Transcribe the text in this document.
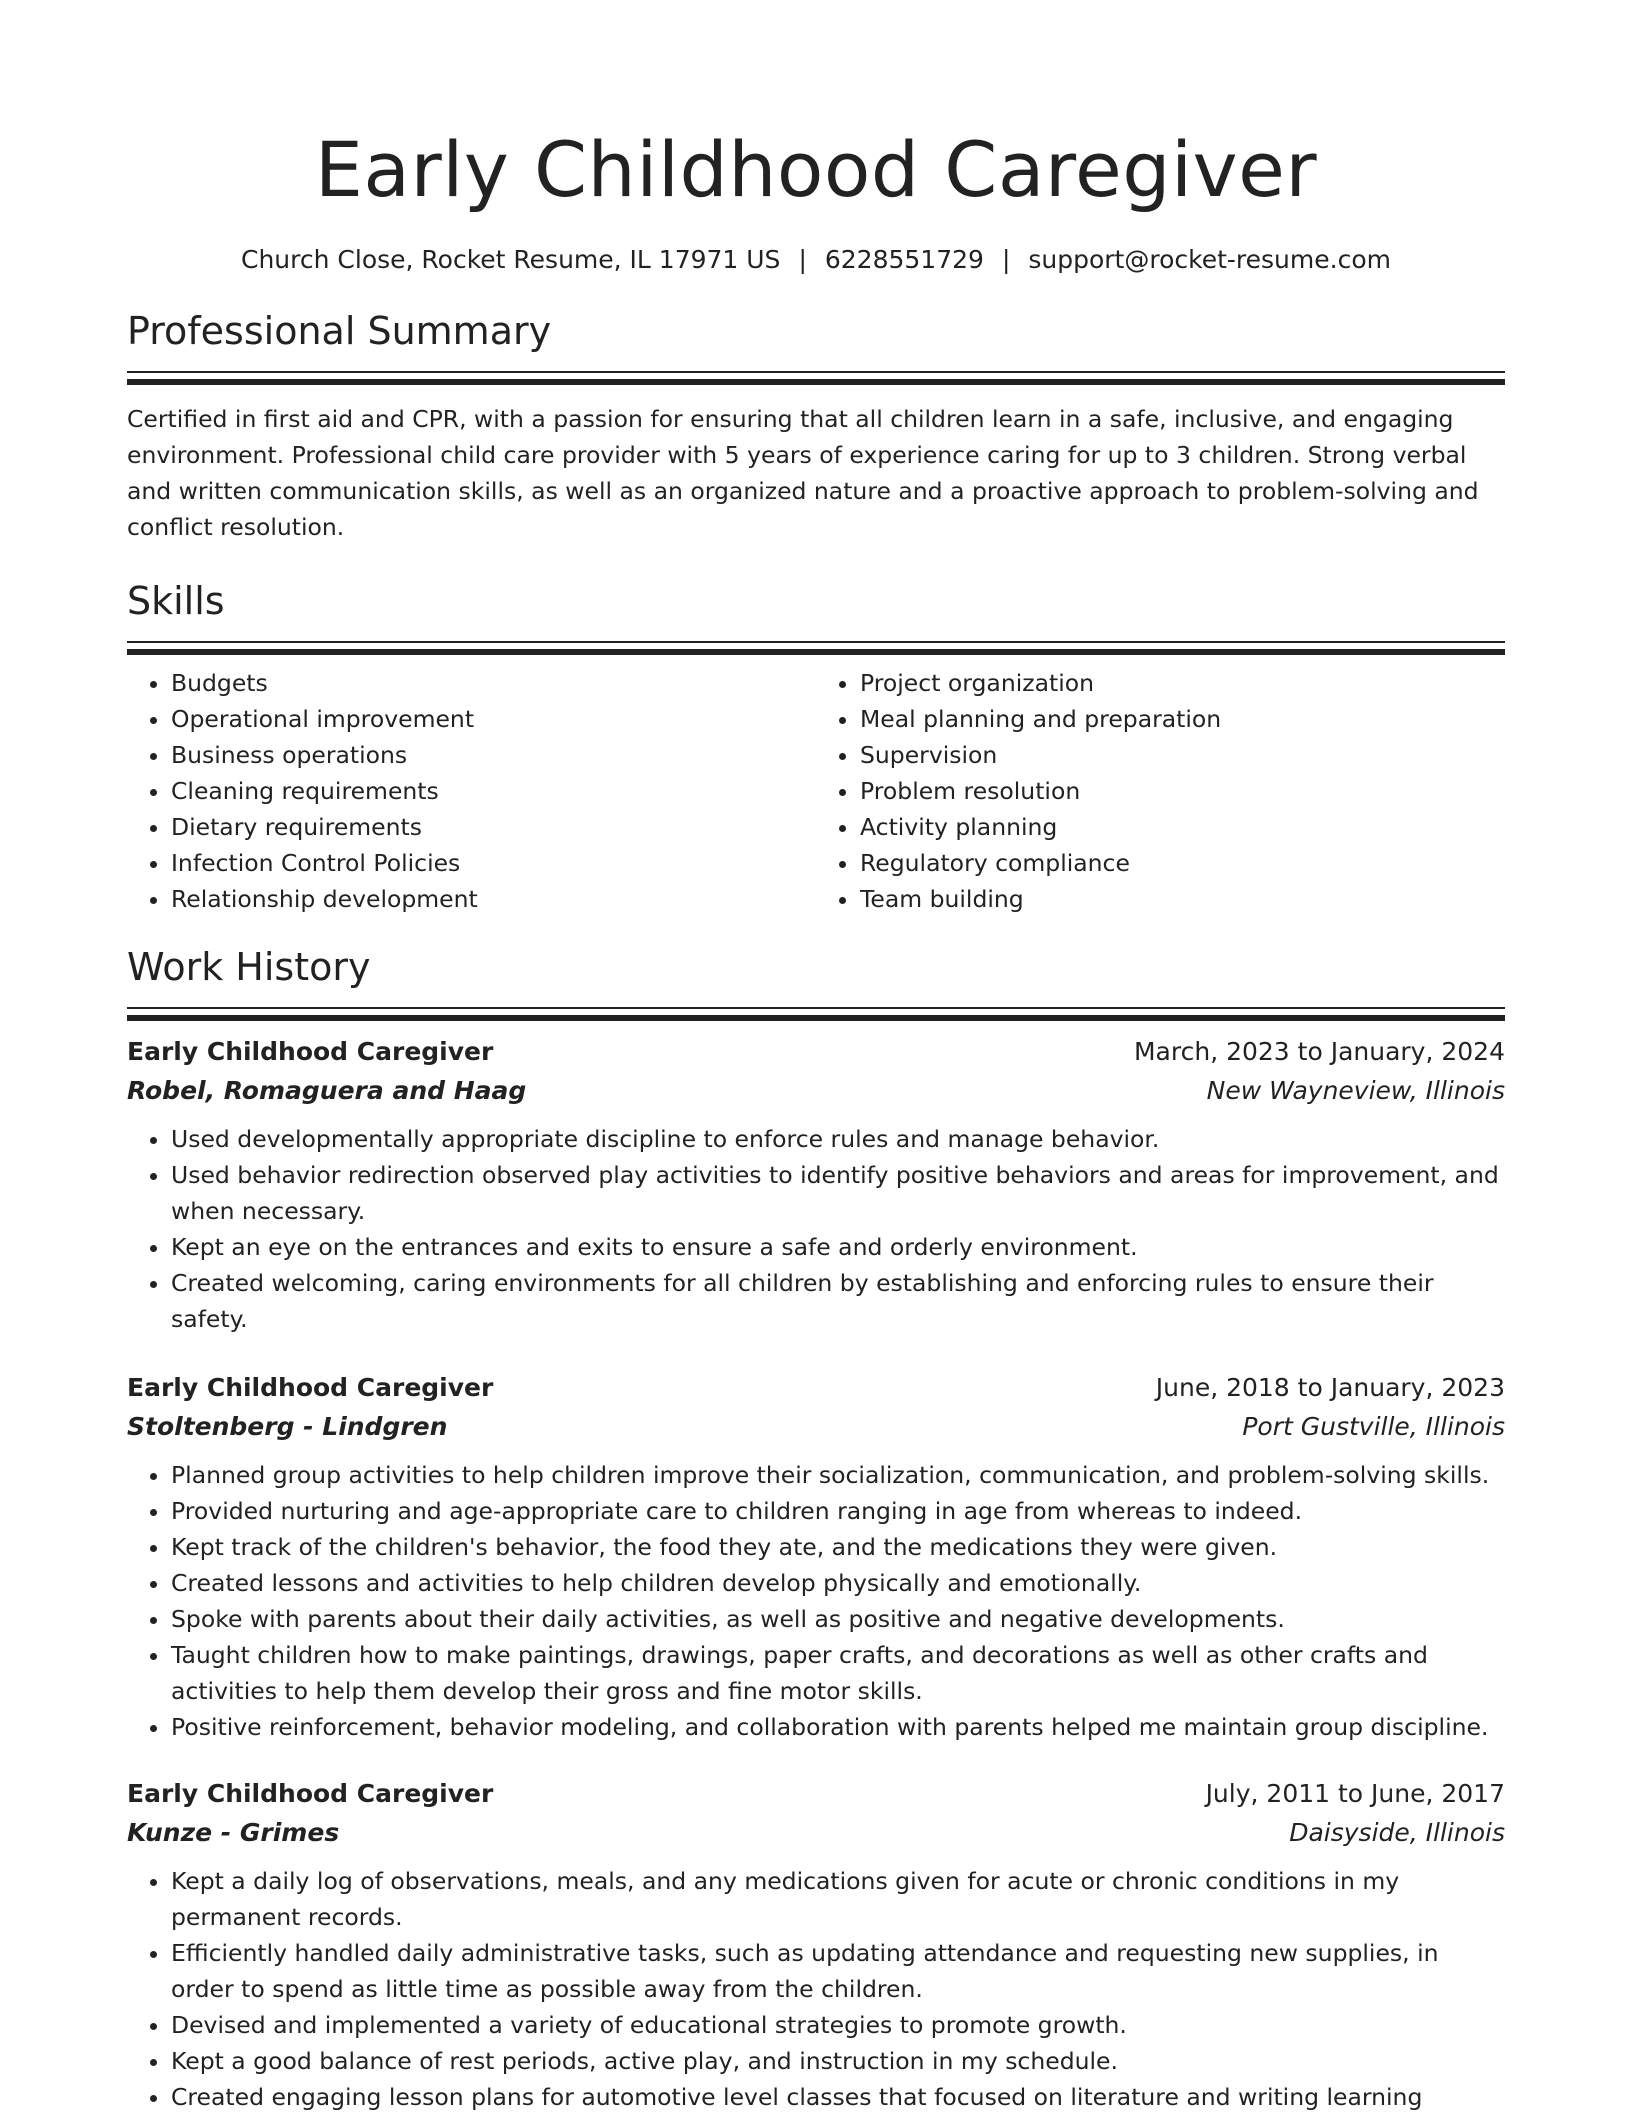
Early Childhood Caregiver
Church Close, Rocket Resume, IL 17971 US | 6228551729 | support@rocket-resume.com
Professional Summary
Certified in first aid and CPR, with a passion for ensuring that all children learn in a safe, inclusive, and engaging environment. Professional child care provider with 5 years of experience caring for up to 3 children. Strong verbal and written communication skills, as well as an organized nature and a proactive approach to problem-solving and conflict resolution.
Skills
• Budgets
• Operational improvement
• Business operations
• Cleaning requirements
• Dietary requirements
• Infection Control Policies
• Relationship development
• Project organization
• Meal planning and preparation
• Supervision
• Problem resolution
• Activity planning
• Regulatory compliance
• Team building
Work History
Early Childhood Caregiver	March, 2023 to January, 2024
Robel, Romaguera and Haag	New Wayneview, Illinois
• Used developmentally appropriate discipline to enforce rules and manage behavior.
• Used behavior redirection observed play activities to identify positive behaviors and areas for improvement, and when necessary.
• Kept an eye on the entrances and exits to ensure a safe and orderly environment.
• Created welcoming, caring environments for all children by establishing and enforcing rules to ensure their safety.
Early Childhood Caregiver	June, 2018 to January, 2023
Stoltenberg - Lindgren	Port Gustville, Illinois
• Planned group activities to help children improve their socialization, communication, and problem-solving skills.
• Provided nurturing and age-appropriate care to children ranging in age from whereas to indeed.
• Kept track of the children's behavior, the food they ate, and the medications they were given.
• Created lessons and activities to help children develop physically and emotionally.
• Spoke with parents about their daily activities, as well as positive and negative developments.
• Taught children how to make paintings, drawings, paper crafts, and decorations as well as other crafts and activities to help them develop their gross and fine motor skills.
• Positive reinforcement, behavior modeling, and collaboration with parents helped me maintain group discipline.
Early Childhood Caregiver	July, 2011 to June, 2017
Kunze - Grimes	Daisyside, Illinois
• Kept a daily log of observations, meals, and any medications given for acute or chronic conditions in my permanent records.
• Efficiently handled daily administrative tasks, such as updating attendance and requesting new supplies, in order to spend as little time as possible away from the children.
• Devised and implemented a variety of educational strategies to promote growth.
• Kept a good balance of rest periods, active play, and instruction in my schedule.
• Created engaging lesson plans for automotive level classes that focused on literature and writing learning
